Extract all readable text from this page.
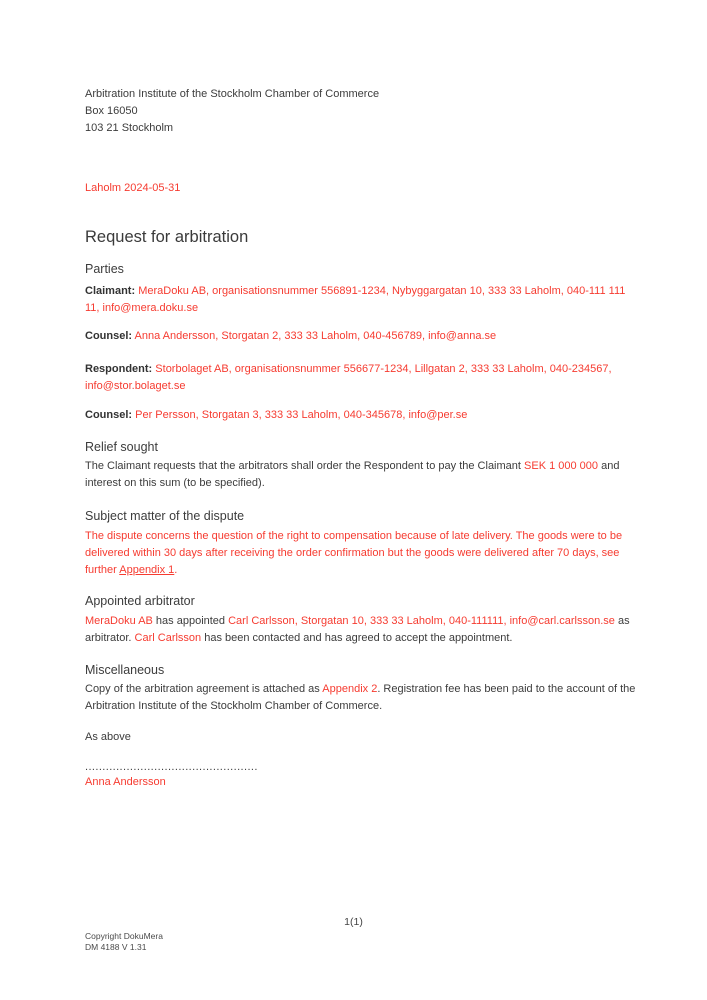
Arbitration Institute of the Stockholm Chamber of Commerce
Box 16050
103 21 Stockholm
Laholm 2024-05-31
Request for arbitration
Parties

Claimant: MeraDoku AB, organisationsnummer 556891-1234, Nybyggargatan 10, 333 33 Laholm, 040-111 111 11, info@mera.doku.se

Counsel: Anna Andersson, Storgatan 2, 333 33 Laholm, 040-456789, info@anna.se

Respondent: Storbolaget AB, organisationsnummer 556677-1234, Lillgatan 2, 333 33 Laholm, 040-234567, info@stor.bolaget.se

Counsel: Per Persson, Storgatan 3, 333 33 Laholm, 040-345678, info@per.se

Relief sought

The Claimant requests that the arbitrators shall order the Respondent to pay the Claimant SEK 1 000 000 and interest on this sum (to be specified).

Subject matter of the dispute

The dispute concerns the question of the right to compensation because of late delivery. The goods were to be delivered within 30 days after receiving the order confirmation but the goods were delivered after 70 days, see further Appendix 1.

Appointed arbitrator

MeraDoku AB has appointed Carl Carlsson, Storgatan 10, 333 33 Laholm, 040-111111, info@carl.carlsson.se as arbitrator. Carl Carlsson has been contacted and has agreed to accept the appointment.

Miscellaneous

Copy of the arbitration agreement is attached as Appendix 2. Registration fee has been paid to the account of the Arbitration Institute of the Stockholm Chamber of Commerce.

As above

..................................................
Anna Andersson
1(1)
Copyright DokuMera
DM 4188 V 1.31
